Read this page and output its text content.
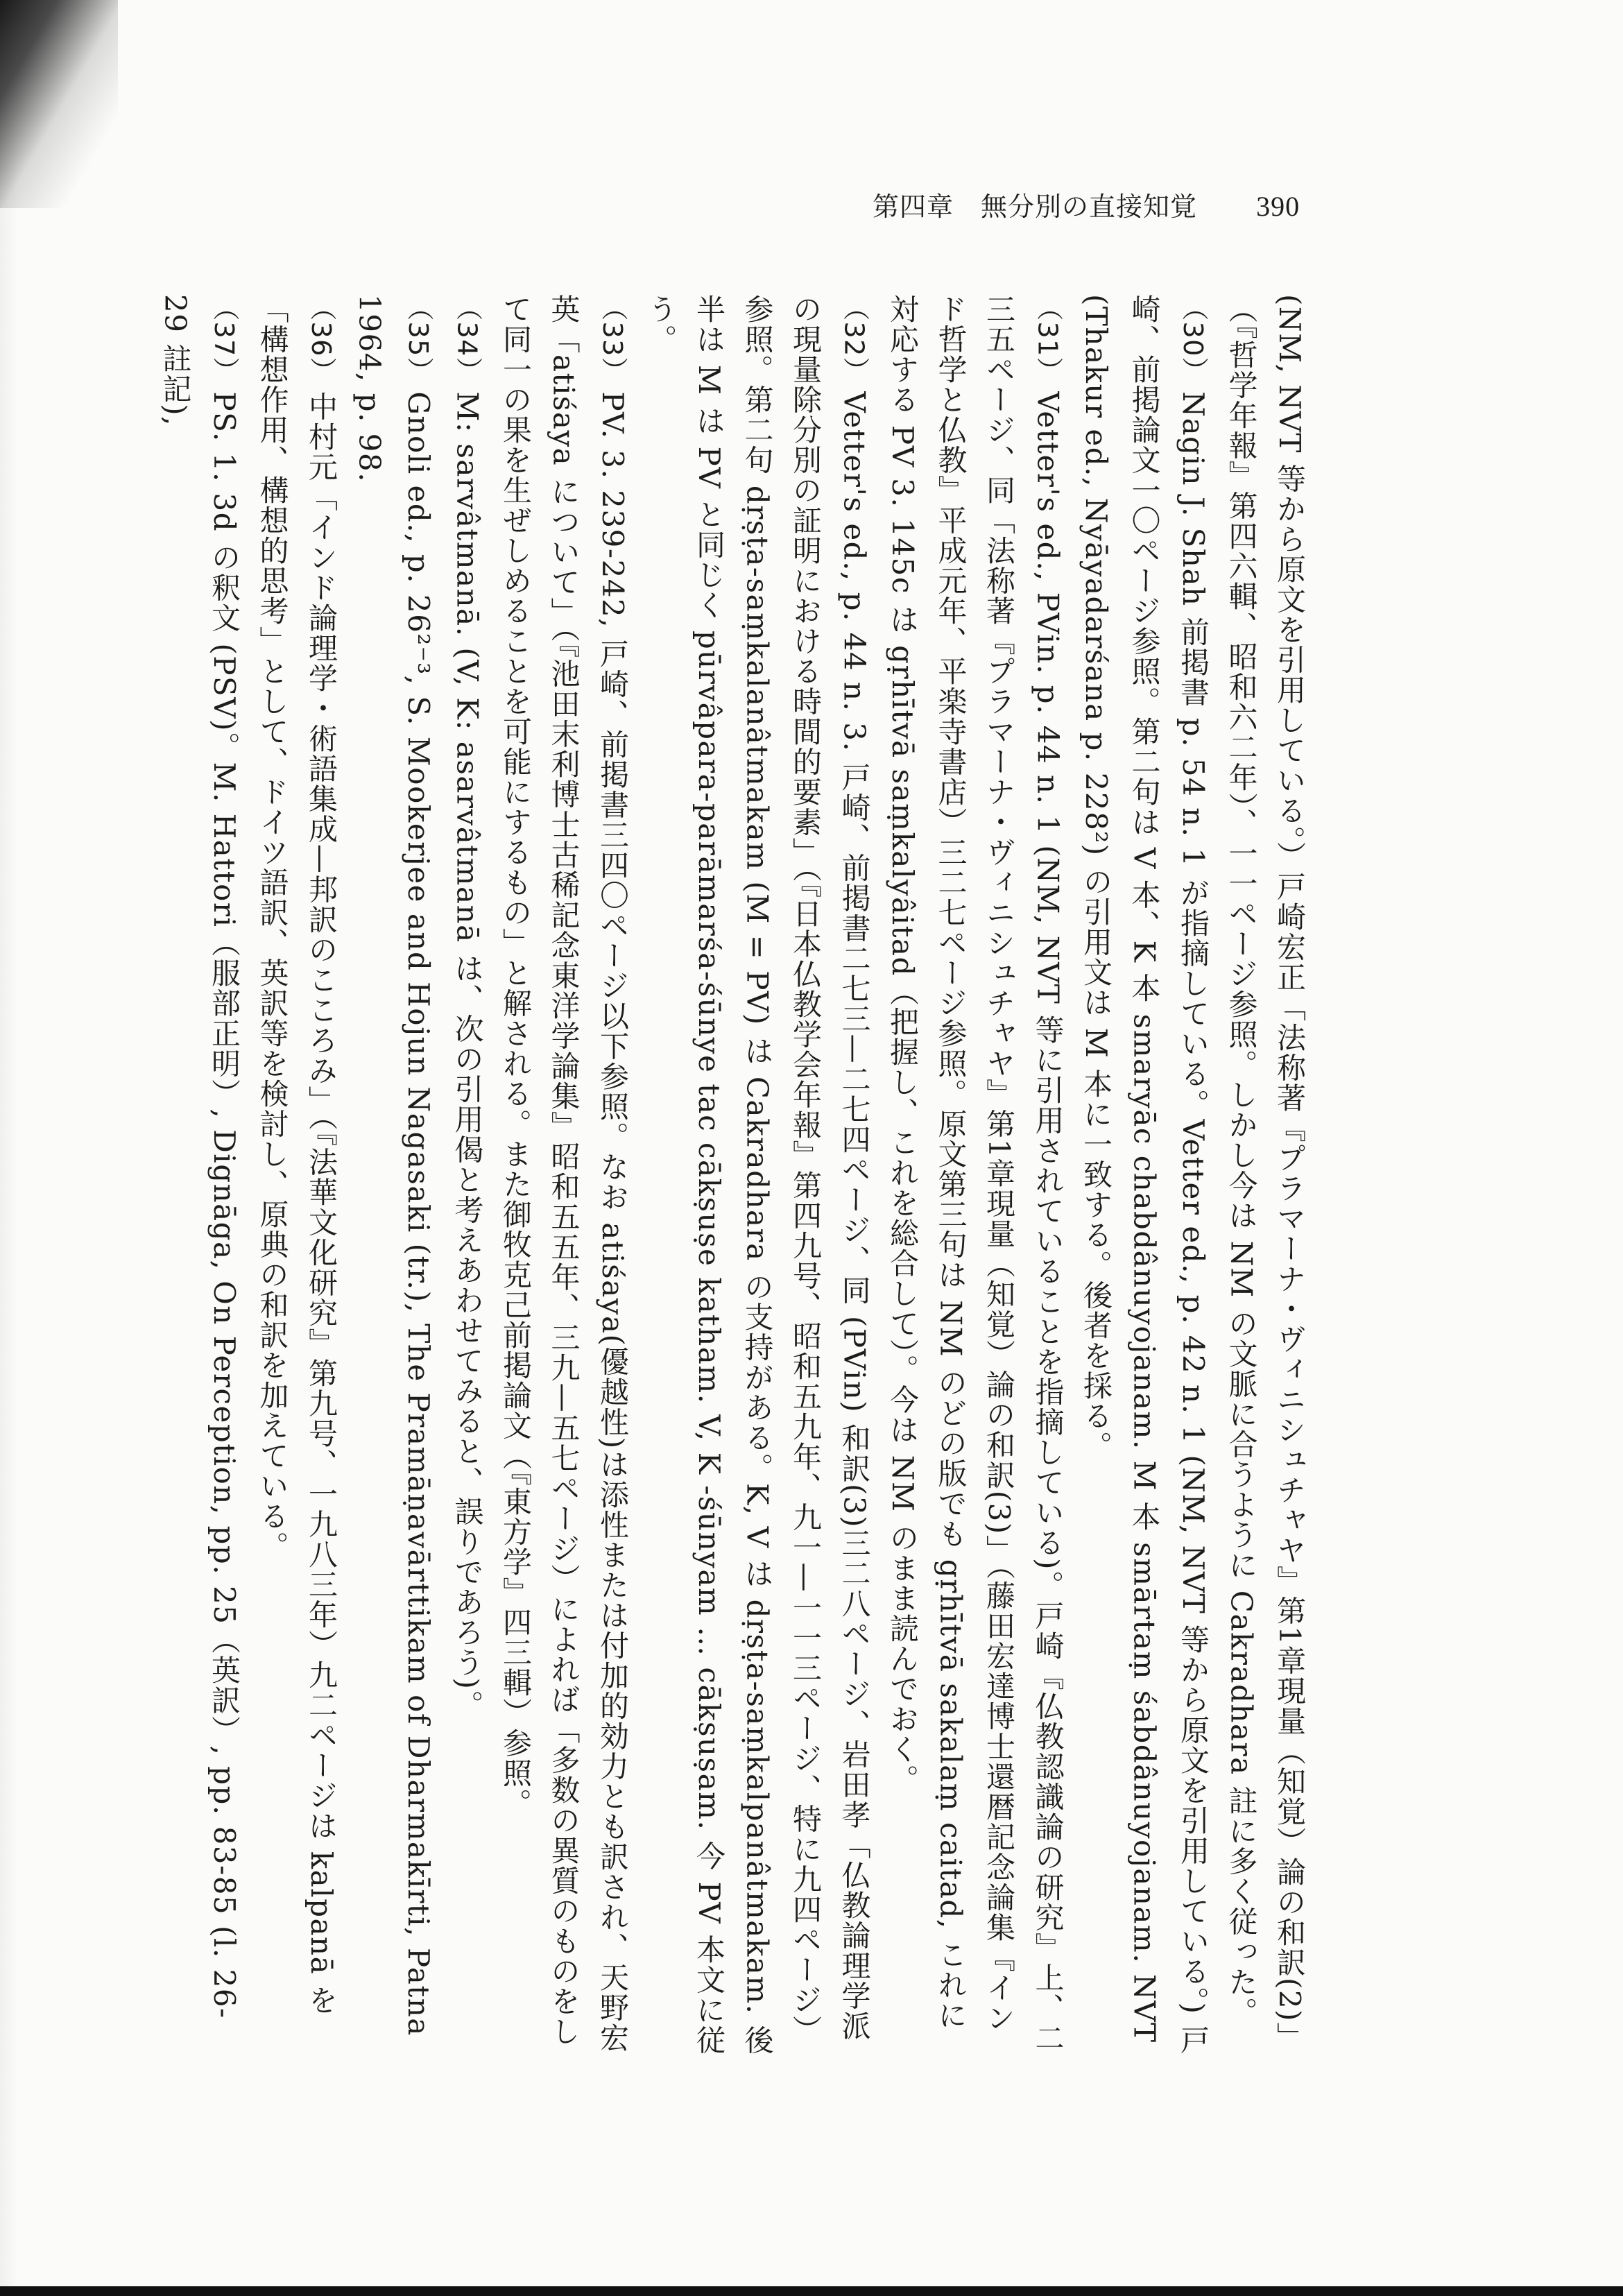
第四章　無分別の直接知覚 390

(NM, NVT 等から原文を引用している。）戸崎宏正「法称著『プラマーナ・ヴィニシュチャヤ』第1章現量（知覚）論の和訳(2)」（『哲学年報』第四六輯、昭和六二年）、一一ページ参照。しかし今は NM の文脈に合うように Cakradhara 註に多く従った。

（30）Nagin J. Shah 前掲書 p. 54 n. 1 が指摘している。Vetter ed., p. 42 n. 1 (NM, NVT 等から原文を引用している。) 戸崎、前掲論文一〇ページ参照。第二句は V 本、K 本 smaryāc chabdânuyojanam. M 本 smārtaṃ śabdânuyojanam. NVT (Thakur ed., Nyāyadarśana p. 228²) の引用文は M 本に一致する。後者を採る。

（31）Vetter's ed., PVin. p. 44 n. 1 (NM, NVT 等に引用されていることを指摘している)。戸崎『仏教認識論の研究』上、二三五ページ、同「法称著『プラマーナ・ヴィニシュチャヤ』第1章現量（知覚）論の和訳(3)」（藤田宏達博士還暦記念論集『インド哲学と仏教』平成元年、平楽寺書店）三二七ページ参照。原文第三句は NM のどの版でも gṛhītvā sakalaṃ caitad, これに対応する PV 3. 145c は gṛhītvā saṃkalyâitad（把握し、これを総合して）。今は NM のまま読んでおく。

（32）Vetter's ed., p. 44 n. 3. 戸崎、前掲書二七三—二七四ページ、同 (PVin) 和訳(3)三二八ページ、岩田孝「仏教論理学派の現量除分別の証明における時間的要素」（『日本仏教学会年報』第四九号、昭和五九年、九一—一一三ページ、特に九四ページ）参照。第二句 dṛṣṭa-saṃkalanâtmakam (M = PV) は Cakradhara の支持がある。K, V は dṛṣṭa-saṃkalpanâtmakam. 後半は M は PV と同じく pūrvâpara-parāmarśa-śūnye tac cākṣuṣe katham. V, K -śūnyam … cākṣuṣam. 今 PV 本文に従う。

（33）PV. 3. 239-242, 戸崎、前掲書三四〇ページ以下参照。なお atiśaya(優越性)は添性または付加的効力とも訳され、天野宏英「atiśaya について」（『池田末利博士古稀記念東洋学論集』昭和五五年、三九—五七ページ）によれば「多数の異質のものをして同一の果を生ぜしめることを可能にするもの」と解される。また御牧克己前掲論文（『東方学』四三輯）参照。

（34）M: sarvâtmanā. (V, K: asarvâtmanā は、次の引用偈と考えあわせてみると、誤りであろう)。

（35）Gnoli ed., p. 26²⁻³, S. Mookerjee and Hojun Nagasaki (tr.), The Pramāṇavārttikam of Dharmakīrti, Patna 1964, p. 98.

（36）中村元「インド論理学・術語集成—邦訳のこころみ」（『法華文化研究』第九号、一九八三年）九二ページは kalpanā を「構想作用、構想的思考」として、ドイツ語訳、英訳等を検討し、原典の和訳を加えている。

（37）PS. 1. 3d の釈文 (PSV)。M. Hattori（服部正明）, Dignāga, On Perception, pp. 25（英訳）, pp. 83-85 (l. 26-29 註記),
